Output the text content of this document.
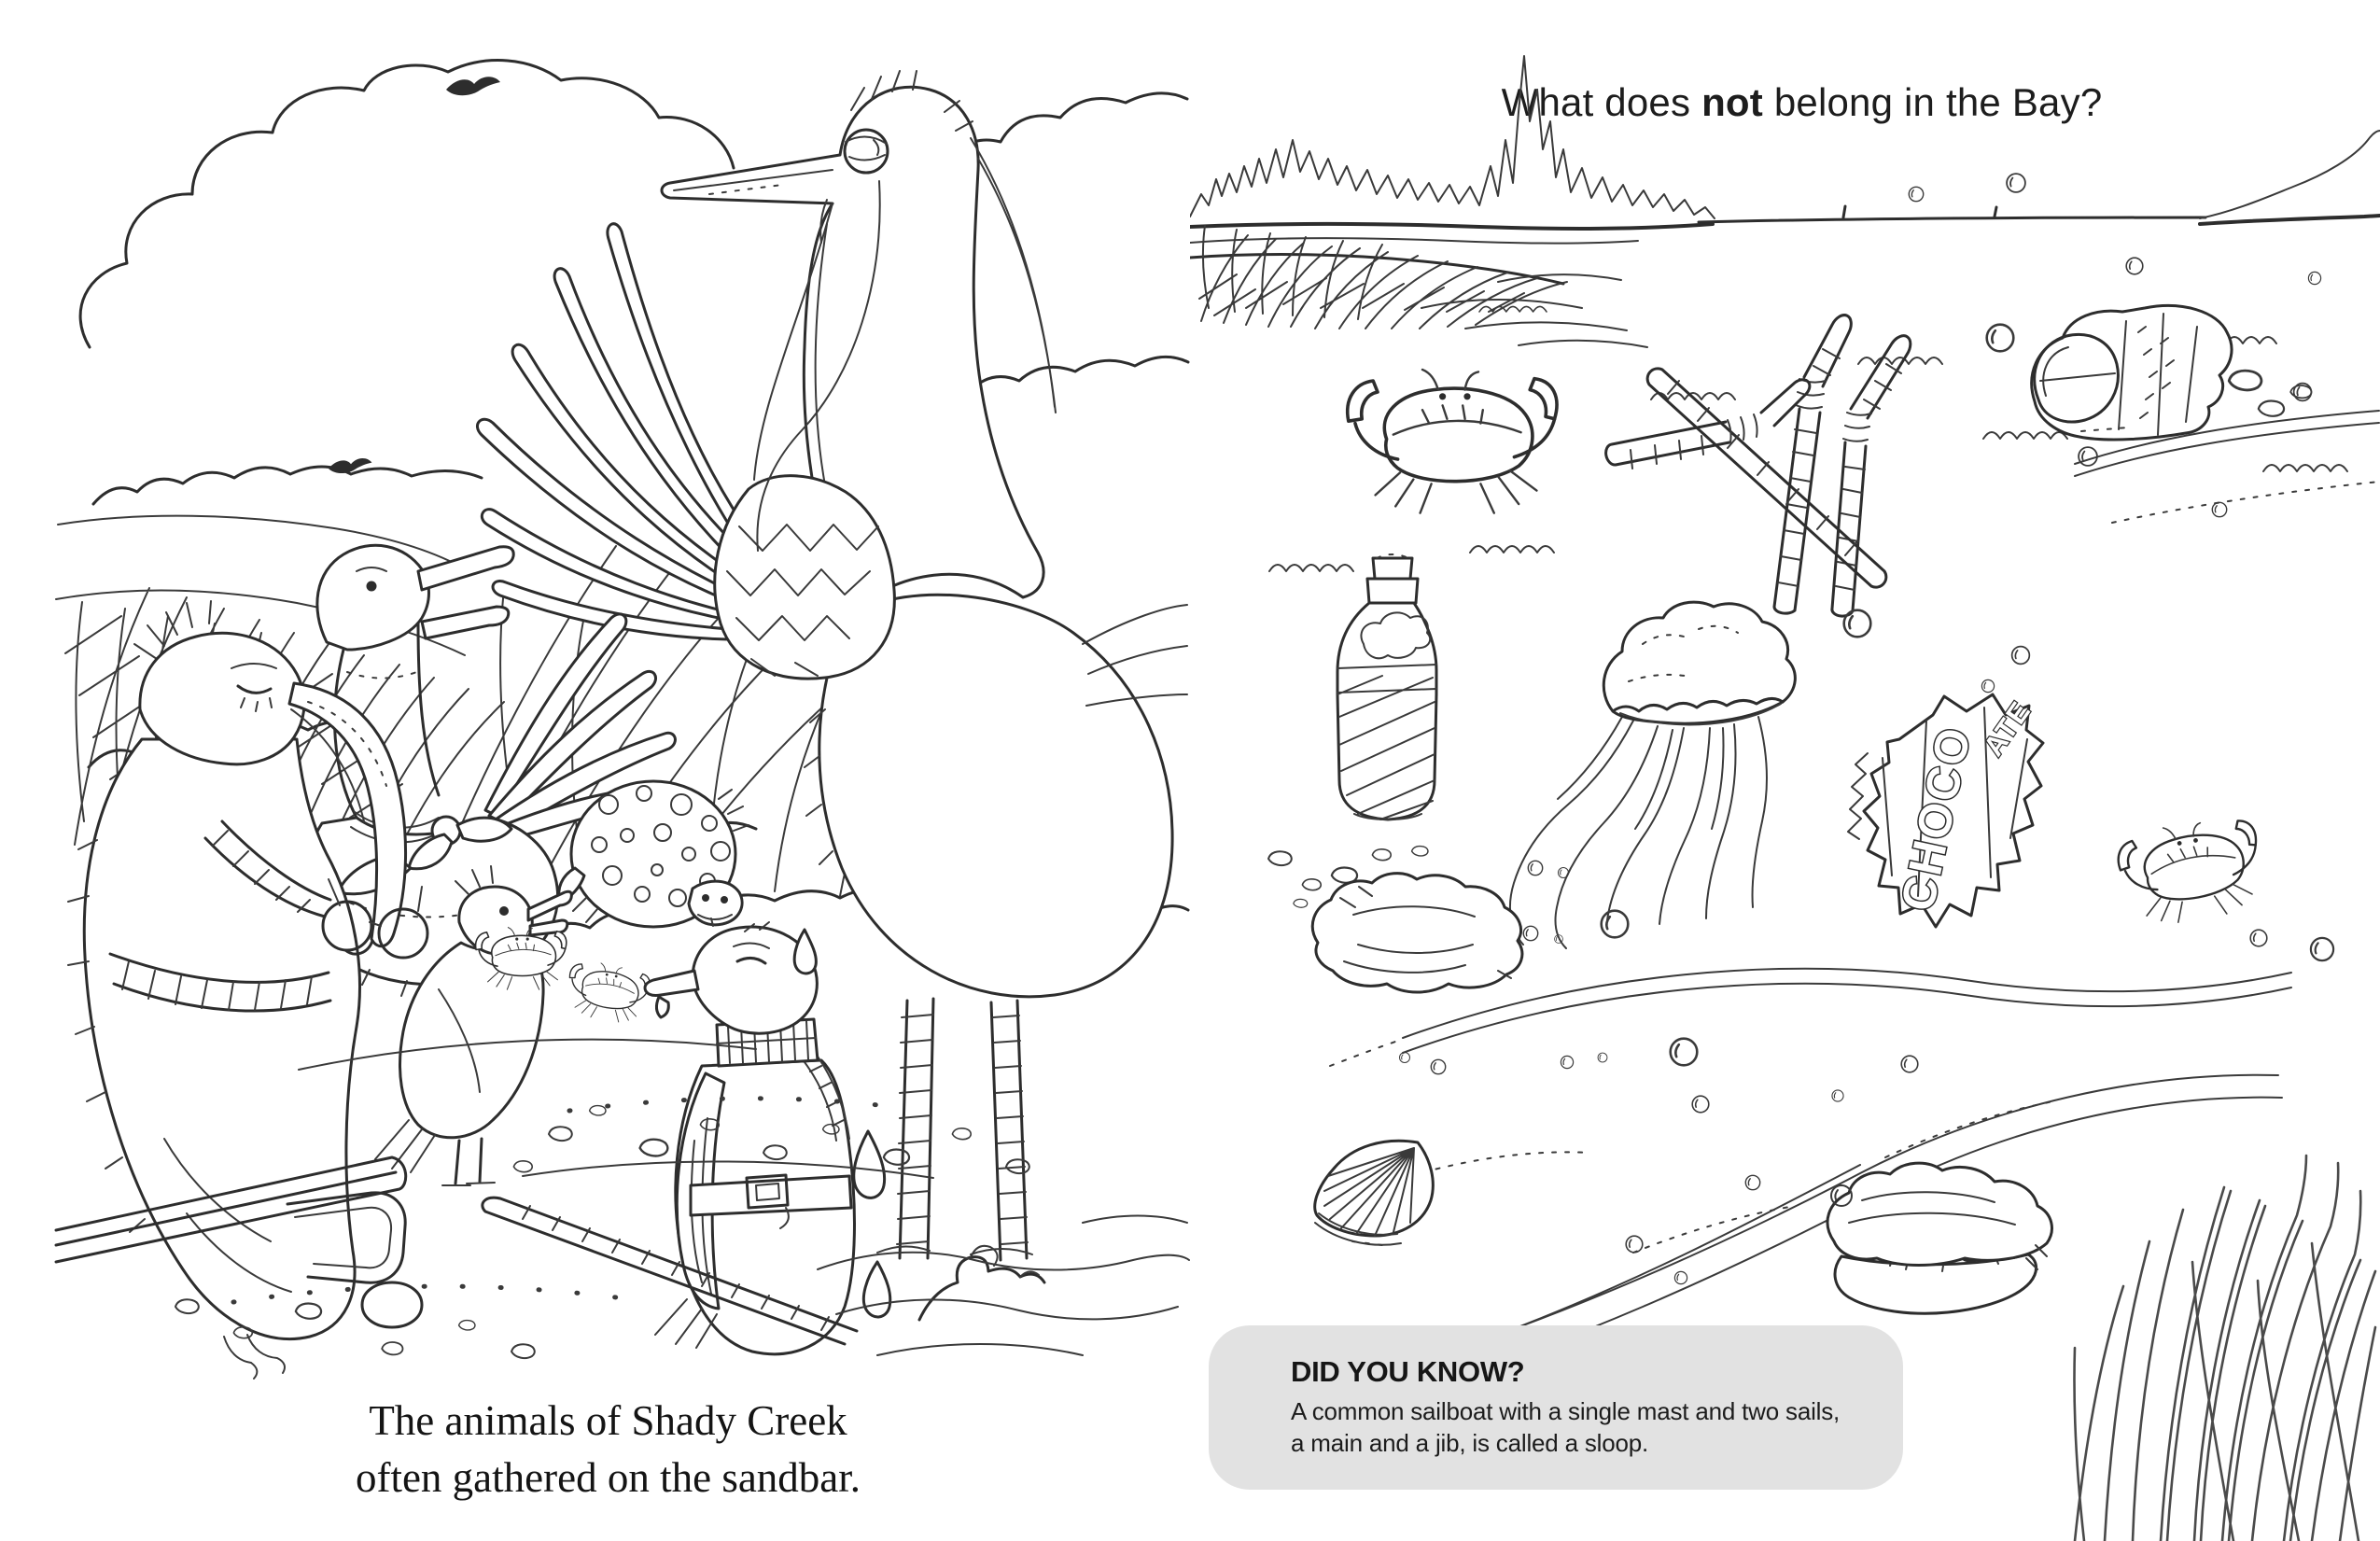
The animals of Shady Creek
often gathered on the sandbar.
What does not belong in the Bay?
CHOCO
ATE
DID YOU KNOW?
A common sailboat with a single mast and two sails,
a main and a jib, is called a sloop.
